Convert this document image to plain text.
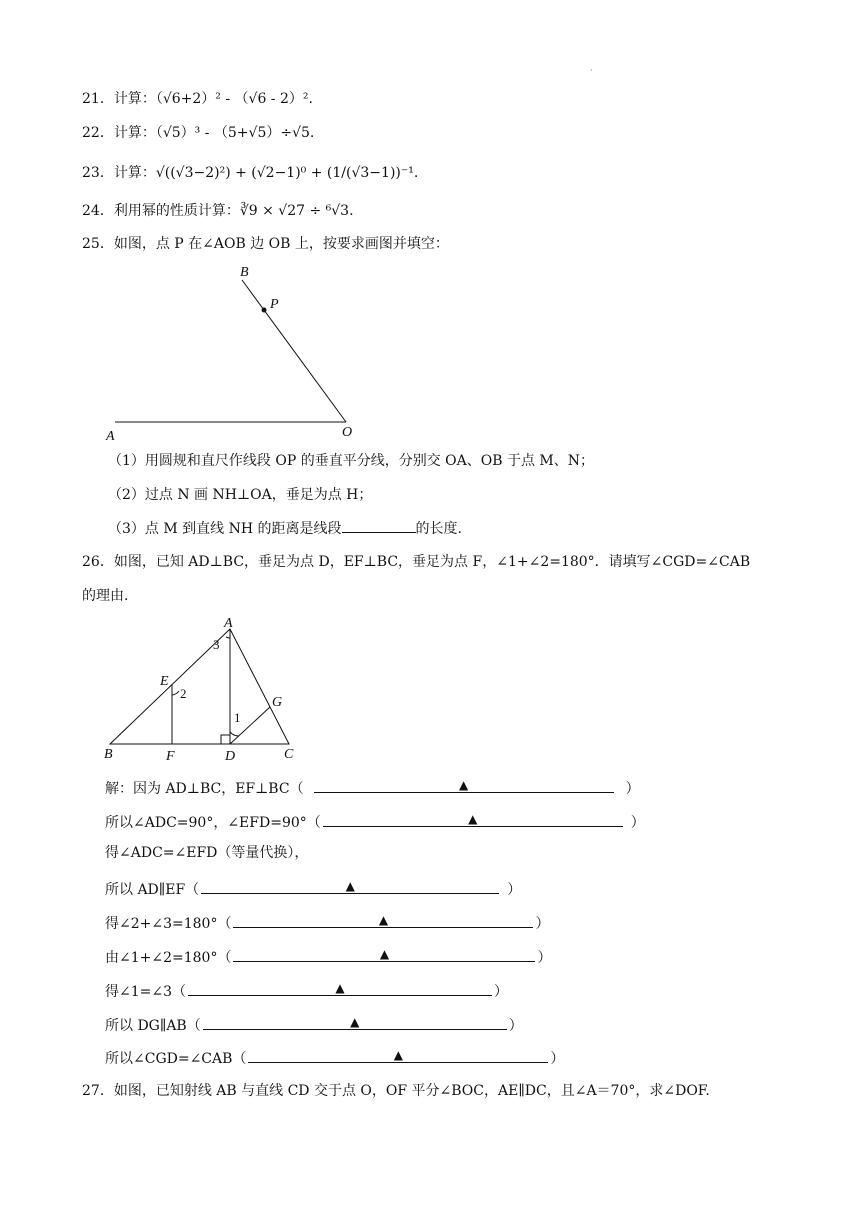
·
21．计算：（√6+2）² - （√6 - 2）².
22．计算：（√5）³ - （5+√5）÷√5.
23．计算：√((√3−2)²) + (√2−1)⁰ + (1/(√3−1))⁻¹.
24．利用幂的性质计算：∛9 × √27 ÷ ⁶√3.
25．如图，点 P 在∠AOB 边 OB 上，按要求画图并填空：
B
P
A	O
（1）用圆规和直尺作线段 OP 的垂直平分线，分别交 OA、OB 于点 M、N；
（2）过点 N 画 NH⊥OA，垂足为点 H；
（3）点 M 到直线 NH 的距离是线段	的长度.
26．如图，已知 AD⊥BC，垂足为点 D，EF⊥BC，垂足为点 F，∠1+∠2=180°．请填写∠CGD=∠CAB
的理由.
A
E
G
B	F	D	C
3
2
1
解：因为 AD⊥BC，EF⊥BC（	▲	）
所以∠ADC=90°，∠EFD=90°（	▲	）
得∠ADC=∠EFD（等量代换），
所以 AD∥EF（	▲	）
得∠2+∠3=180°（	▲	）
由∠1+∠2=180°（	▲	）
得∠1=∠3（	▲	）
所以 DG∥AB（	▲	）
所以∠CGD=∠CAB（	▲	）
27．如图，已知射线 AB 与直线 CD 交于点 O，OF 平分∠BOC，AE∥DC，且∠A＝70°，求∠DOF.
